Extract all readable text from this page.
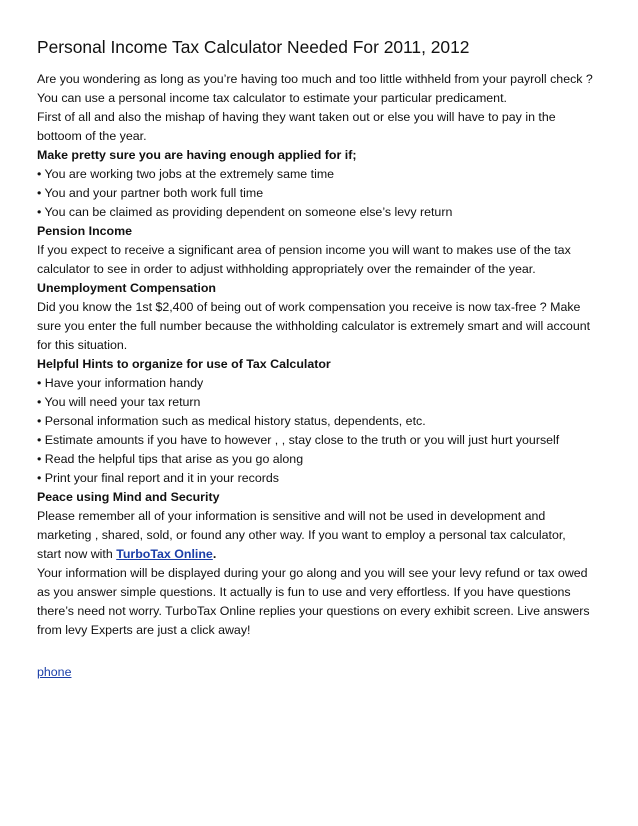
Personal Income Tax Calculator Needed For 2011, 2012
Are you wondering as long as you’re having too much and too little withheld from your payroll check ?
You can use a personal income tax calculator to estimate your particular predicament.
First of all and also the mishap of having they want taken out or else you will have to pay in the
bottoom of the year.
Make pretty sure you are having enough applied for if;
• You are working two jobs at the extremely same time
• You and your partner both work full time
• You can be claimed as providing dependent on someone else’s levy return
Pension Income
If you expect to receive a significant area of pension income you will want to makes use of the tax
calculator to see in order to adjust withholding appropriately over the remainder of the year.
Unemployment Compensation
Did you know the 1st $2,400 of being out of work compensation you receive is now tax-free ? Make
sure you enter the full number because the withholding calculator is extremely smart and will account
for this situation.
Helpful Hints to organize for use of Tax Calculator
• Have your information handy
• You will need your tax return
• Personal information such as medical history status, dependents, etc.
• Estimate amounts if you have to however , , stay close to the truth or you will just hurt yourself
• Read the helpful tips that arise as you go along
• Print your final report and it in your records
Peace using Mind and Security
Please remember all of your information is sensitive and will not be used in development and
marketing , shared, sold, or found any other way. If you want to employ a personal tax calculator,
start now with TurboTax Online.
Your information will be displayed during your go along and you will see your levy refund or tax owed
as you answer simple questions. It actually is fun to use and very effortless. If you have questions
there’s need not worry. TurboTax Online replies your questions on every exhibit screen. Live answers
from levy Experts are just a click away!
phone
